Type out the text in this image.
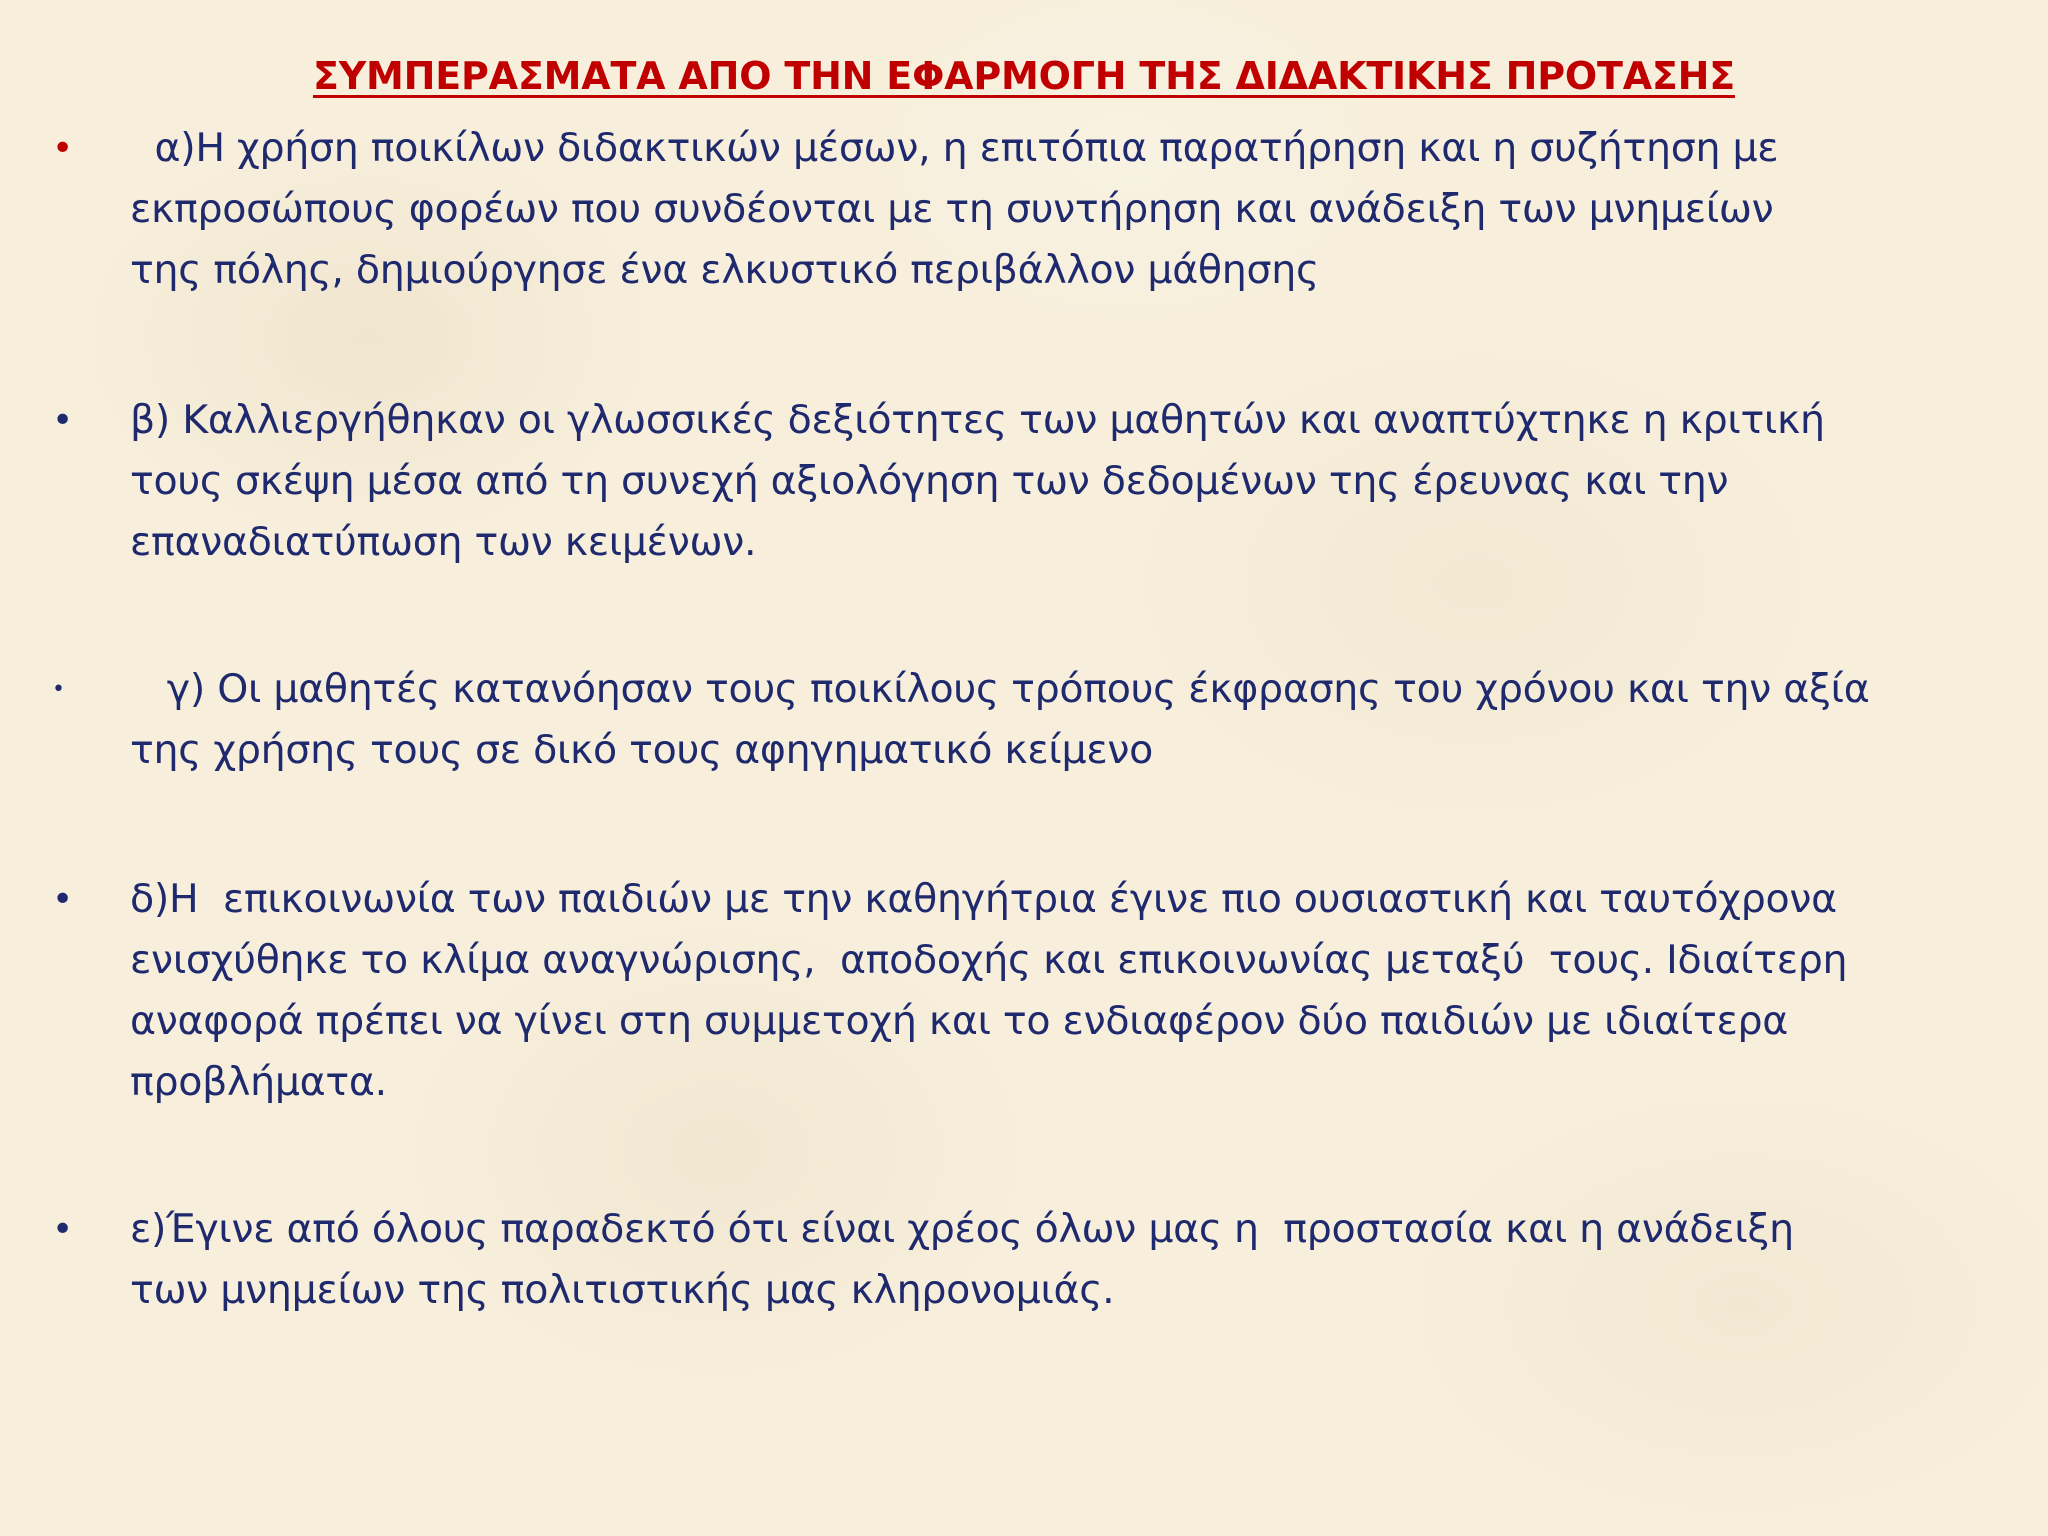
ΣΥΜΠΕΡΑΣΜΑΤΑ ΑΠΟ ΤΗΝ ΕΦΑΡΜΟΓΗ ΤΗΣ ΔΙΔΑΚΤΙΚΗΣ ΠΡΟΤΑΣΗΣ
• α)Η χρήση ποικίλων διδακτικών μέσων, η επιτόπια παρατήρηση και η συζήτηση με
εκπροσώπους φορέων που συνδέονται με τη συντήρηση και ανάδειξη των μνημείων
της πόλης, δημιούργησε ένα ελκυστικό περιβάλλον μάθησης
• β) Καλλιεργήθηκαν οι γλωσσικές δεξιότητες των μαθητών και αναπτύχτηκε η κριτική
τους σκέψη μέσα από τη συνεχή αξιολόγηση των δεδομένων της έρευνας και την
επαναδιατύπωση των κειμένων.
• γ) Οι μαθητές κατανόησαν τους ποικίλους τρόπους έκφρασης του χρόνου και την αξία
της χρήσης τους σε δικό τους αφηγηματικό κείμενο
• δ)Η  επικοινωνία των παιδιών με την καθηγήτρια έγινε πιο ουσιαστική και ταυτόχρονα
ενισχύθηκε το κλίμα αναγνώρισης,  αποδοχής και επικοινωνίας μεταξύ  τους. Ιδιαίτερη
αναφορά πρέπει να γίνει στη συμμετοχή και το ενδιαφέρον δύο παιδιών με ιδιαίτερα
προβλήματα.
• ε)Έγινε από όλους παραδεκτό ότι είναι χρέος όλων μας η  προστασία και η ανάδειξη
των μνημείων της πολιτιστικής μας κληρονομιάς.
